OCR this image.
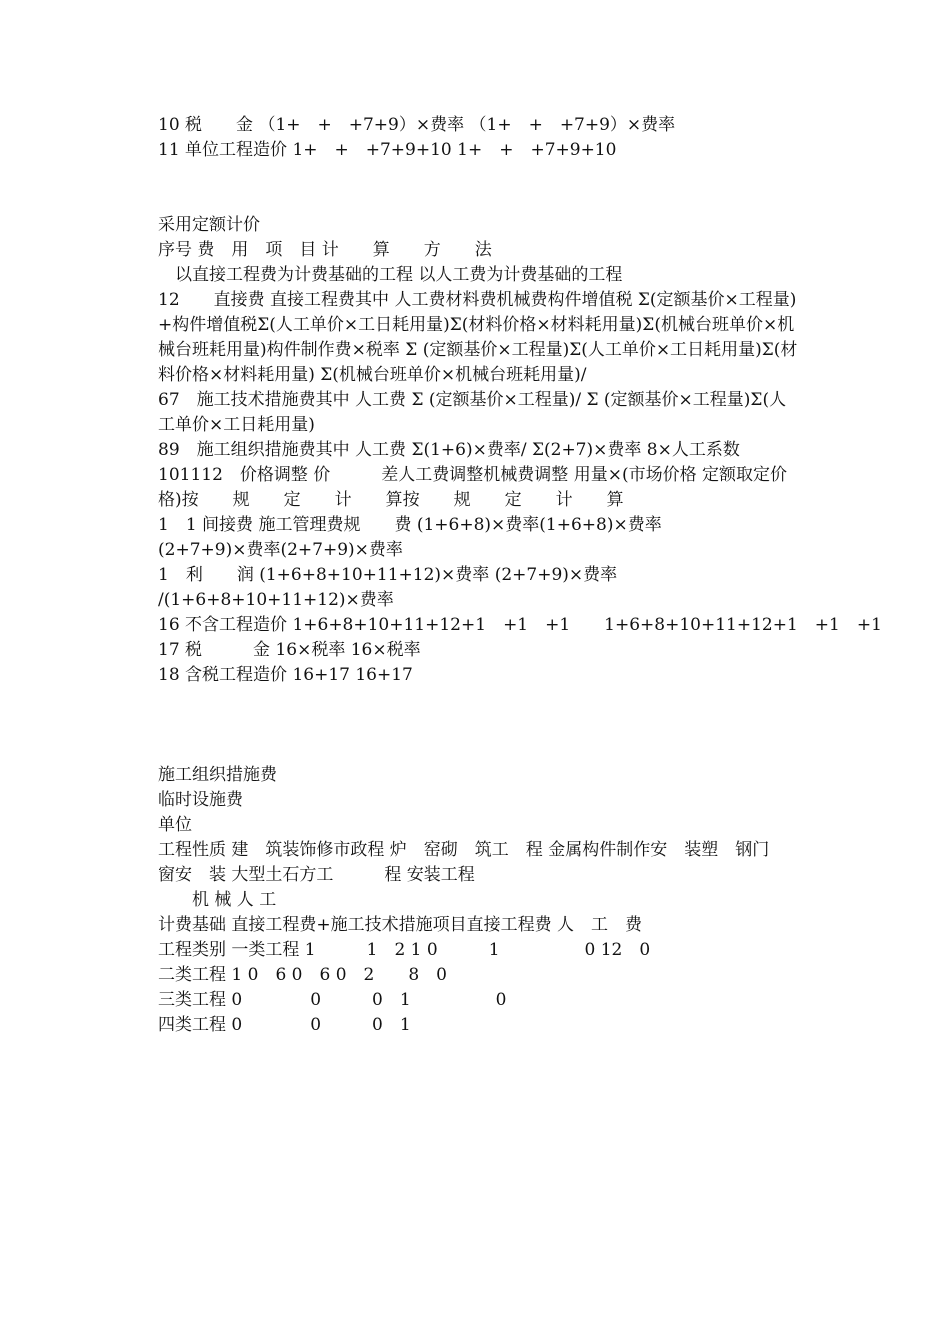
10 税　　金 （1+　+　+7+9）×费率 （1+　+　+7+9）×费率
11 单位工程造价 1+　+　+7+9+10 1+　+　+7+9+10
采用定额计价
序号 费　用　项　目 计　　算　　方　　法
　以直接工程费为计费基础的工程 以人工费为计费基础的工程
12　　直接费 直接工程费其中 人工费材料费机械费构件增值税 Σ(定额基价×工程量)+构件增值税Σ(人工单价×工日耗用量)Σ(材料价格×材料耗用量)Σ(机械台班单价×机械台班耗用量)构件制作费×税率 Σ (定额基价×工程量)Σ(人工单价×工日耗用量)Σ(材料价格×材料耗用量) Σ(机械台班单价×机械台班耗用量)/
67　施工技术措施费其中 人工费 Σ (定额基价×工程量)/ Σ (定额基价×工程量)Σ(人工单价×工日耗用量)
89　施工组织措施费其中 人工费 Σ(1+6)×费率/ Σ(2+7)×费率 8×人工系数
101112　价格调整 价　　　差人工费调整机械费调整 用量×(市场价格 定额取定价格)按　　规　　定　　计　　算按　　规　　定　　计　　算
1　1 间接费 施工管理费规　　费 (1+6+8)×费率(1+6+8)×费率
(2+7+9)×费率(2+7+9)×费率
1　利　　润 (1+6+8+10+11+12)×费率 (2+7+9)×费率
/(1+6+8+10+11+12)×费率
16 不含工程造价 1+6+8+10+11+12+1　+1　+1　　1+6+8+10+11+12+1　+1　+1
17 税　　　金 16×税率 16×税率
18 含税工程造价 16+17 16+17
施工组织措施费
临时设施费
单位
工程性质 建　筑装饰修市政程 炉　窑砌　筑工　程 金属构件制作安　装塑　钢门　窗安　装 大型土石方工　　　程 安装工程
　　机 械 人 工
计费基础 直接工程费+施工技术措施项目直接工程费 人　工　费
工程类别 一类工程 1　　　1　2 1 0　　　1　　　　　0 12　0
二类工程 1 0　6 0　6 0　2　　8　0
三类工程 0　　　　0　　　0　1　　　　　0
四类工程 0　　　　0　　　0　1
